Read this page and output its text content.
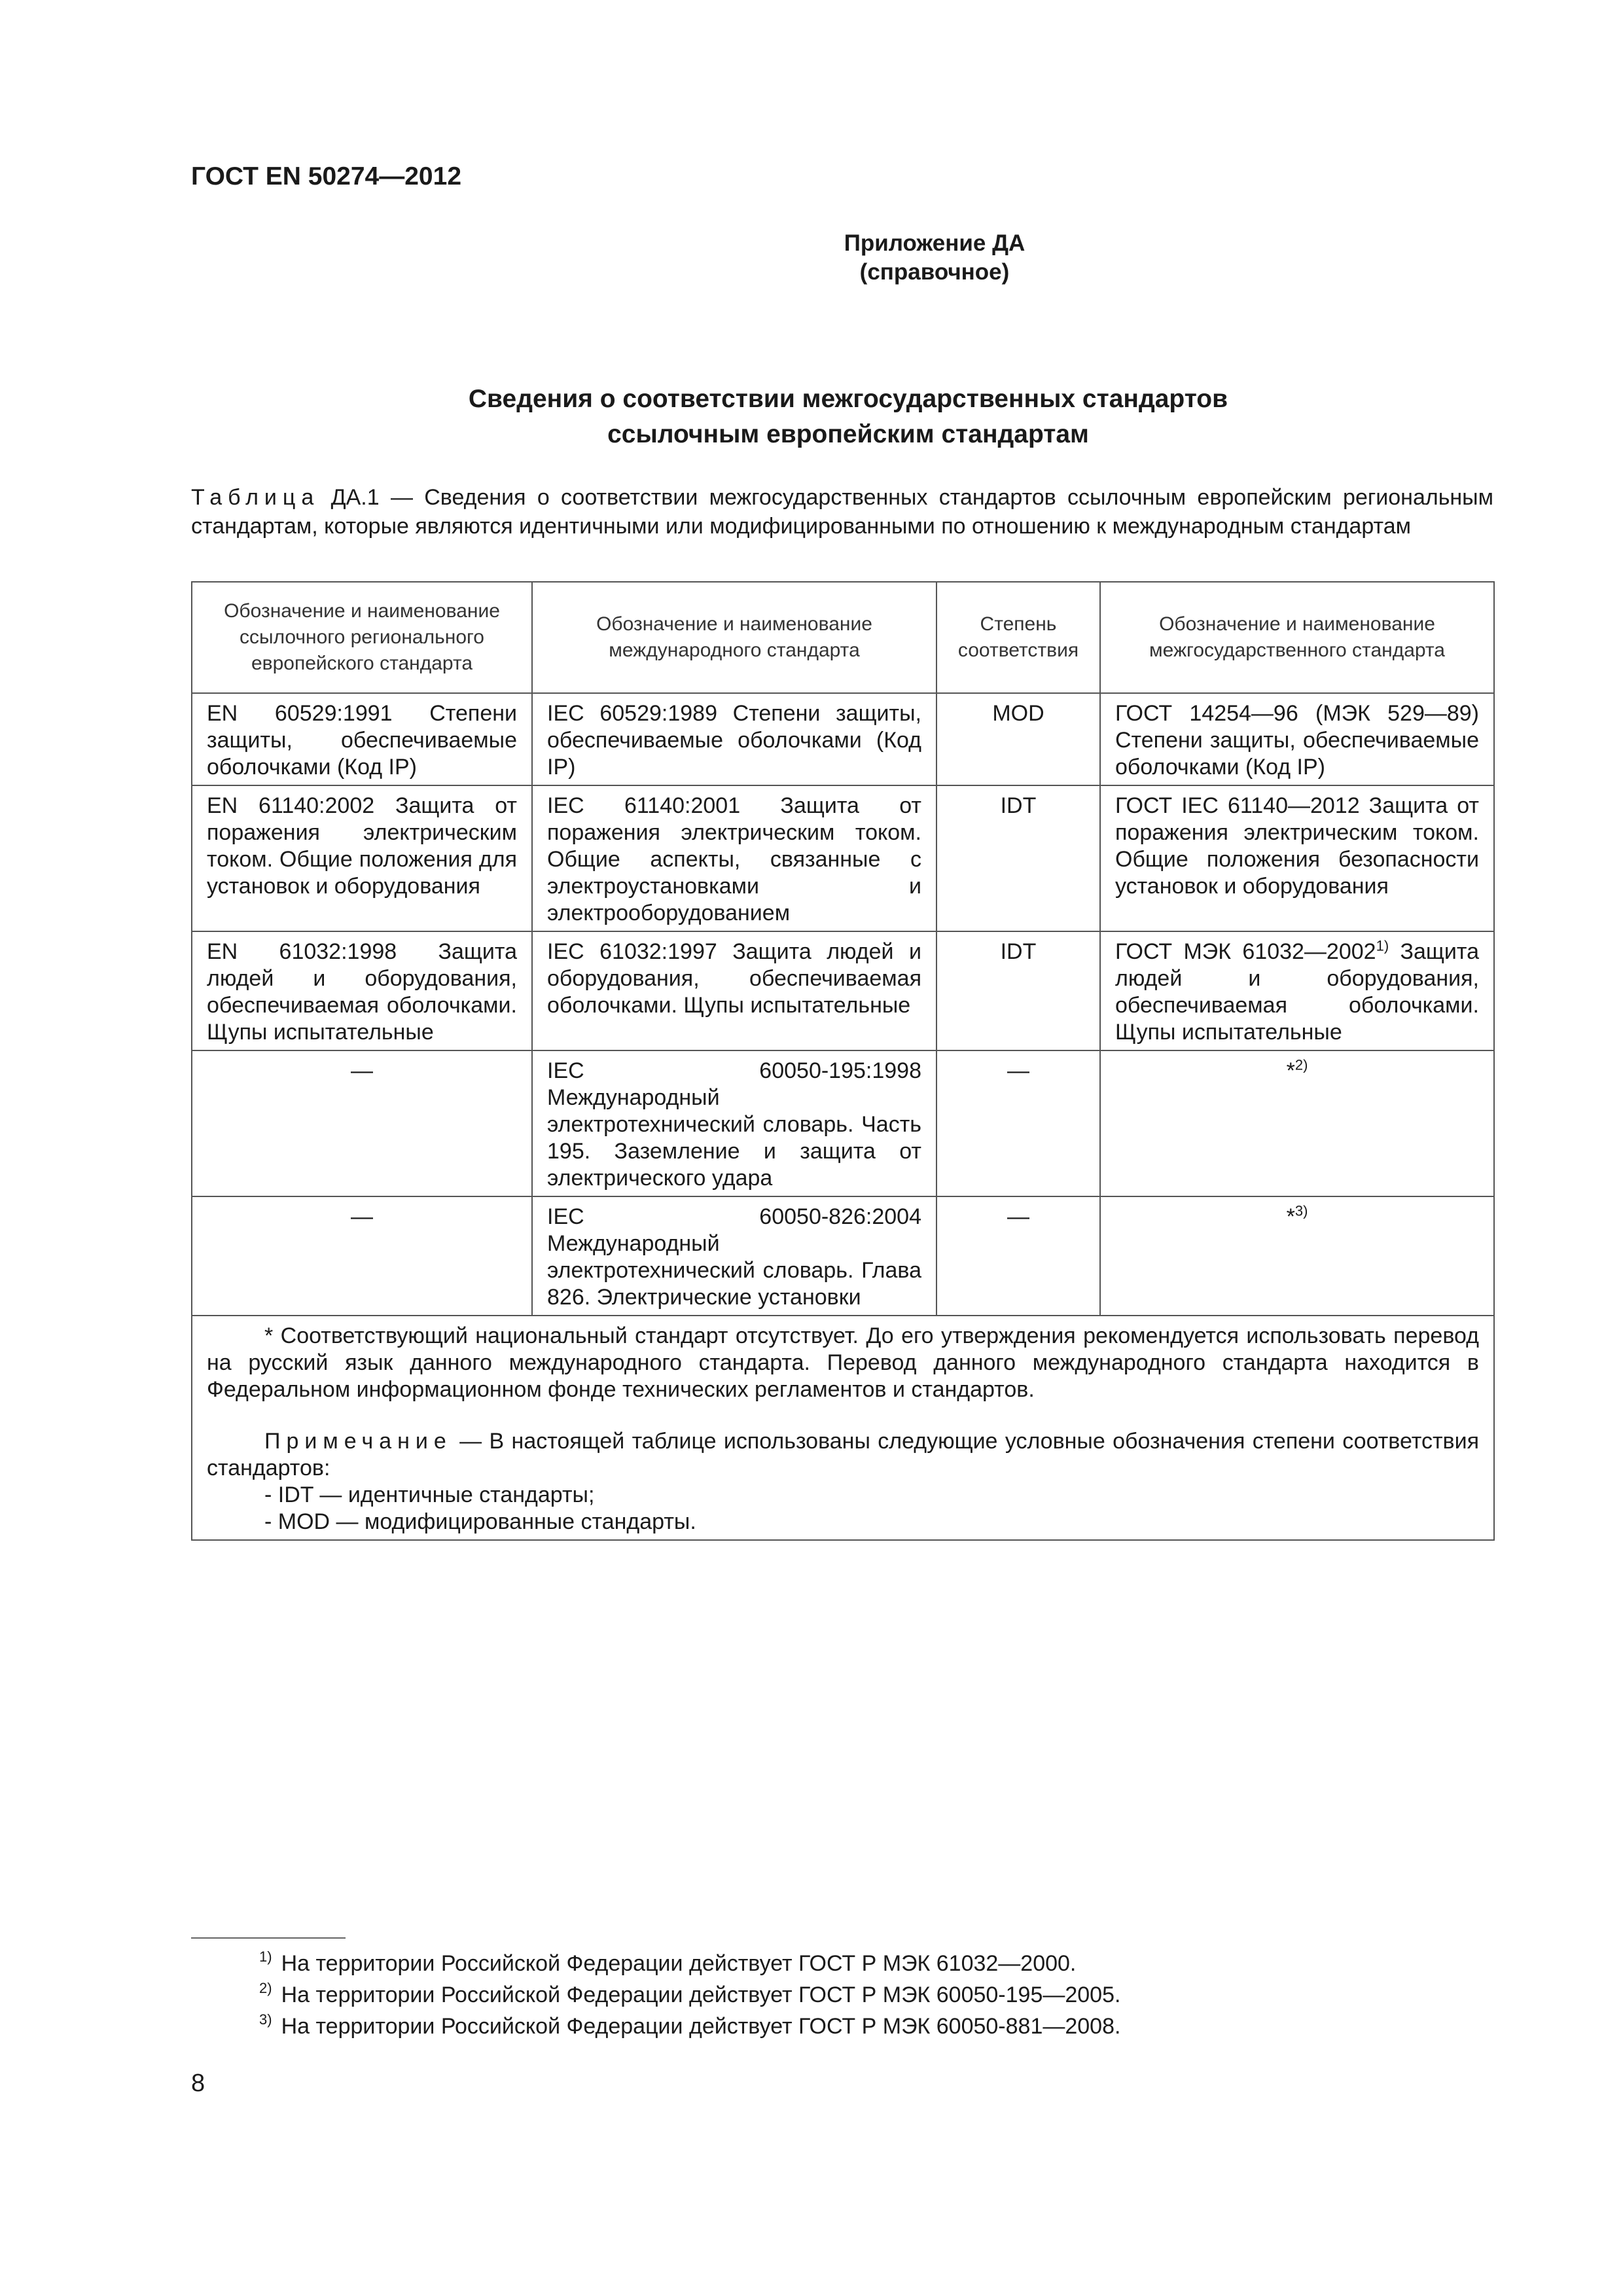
ГОСТ EN 50274—2012
Приложение ДА
(справочное)
Сведения о соответствии межгосударственных стандартов
ссылочным европейским стандартам
Таблица ДА.1 — Сведения о соответствии межгосударственных стандартов ссылочным европейским региональным стандартам, которые являются идентичными или модифицированными по отношению к международным стандартам
Обозначение и наименование ссылочного регионального европейского стандарта	Обозначение и наименование международного стандарта	Степень соответствия	Обозначение и наименование межгосударственного стандарта
EN 60529:1991 Степени защиты, обеспечиваемые оболочками (Код IP)	IEC 60529:1989 Степени защиты, обеспечиваемые оболочками (Код IP)	MOD	ГОСТ 14254—96 (МЭК 529—89) Степени защиты, обеспечиваемые оболочками (Код IP)
EN 61140:2002 Защита от поражения электрическим током. Общие положения для установок и оборудования	IEC 61140:2001 Защита от поражения электрическим током. Общие аспекты, связанные с электроустановками и электрооборудованием	IDT	ГОСТ IEC 61140—2012 Защита от поражения электрическим током. Общие положения безопасности установок и оборудования
EN 61032:1998 Защита людей и оборудования, обеспечиваемая оболочками. Щупы испытательные	IEC 61032:1997 Защита людей и оборудования, обеспечиваемая оболочками. Щупы испытательные	IDT	ГОСТ МЭК 61032—2002$^{1)}$ Защита людей и оборудования, обеспечиваемая оболочками. Щупы испытательные
—	IEC 60050-195:1998 Международный электротехнический словарь. Часть 195. Заземление и защита от электрического удара	—	*$^{2)}$
—	IEC 60050-826:2004 Международный электротехнический словарь. Глава 826. Электрические установки	—	*$^{3)}$

* Соответствующий национальный стандарт отсутствует. До его утверждения рекомендуется использовать перевод на русский язык данного международного стандарта. Перевод данного международного стандарта находится в Федеральном информационном фонде технических регламентов и стандартов.

Примечание — В настоящей таблице использованы следующие условные обозначения степени соответствия стандартов:

- IDT — идентичные стандарты;

- MOD — модифицированные стандарты.			

$^{1)}$ На территории Российской Федерации действует ГОСТ Р МЭК 61032—2000.
$^{2)}$ На территории Российской Федерации действует ГОСТ Р МЭК 60050-195—2005.
$^{3)}$ На территории Российской Федерации действует ГОСТ Р МЭК 60050-881—2008.
8
